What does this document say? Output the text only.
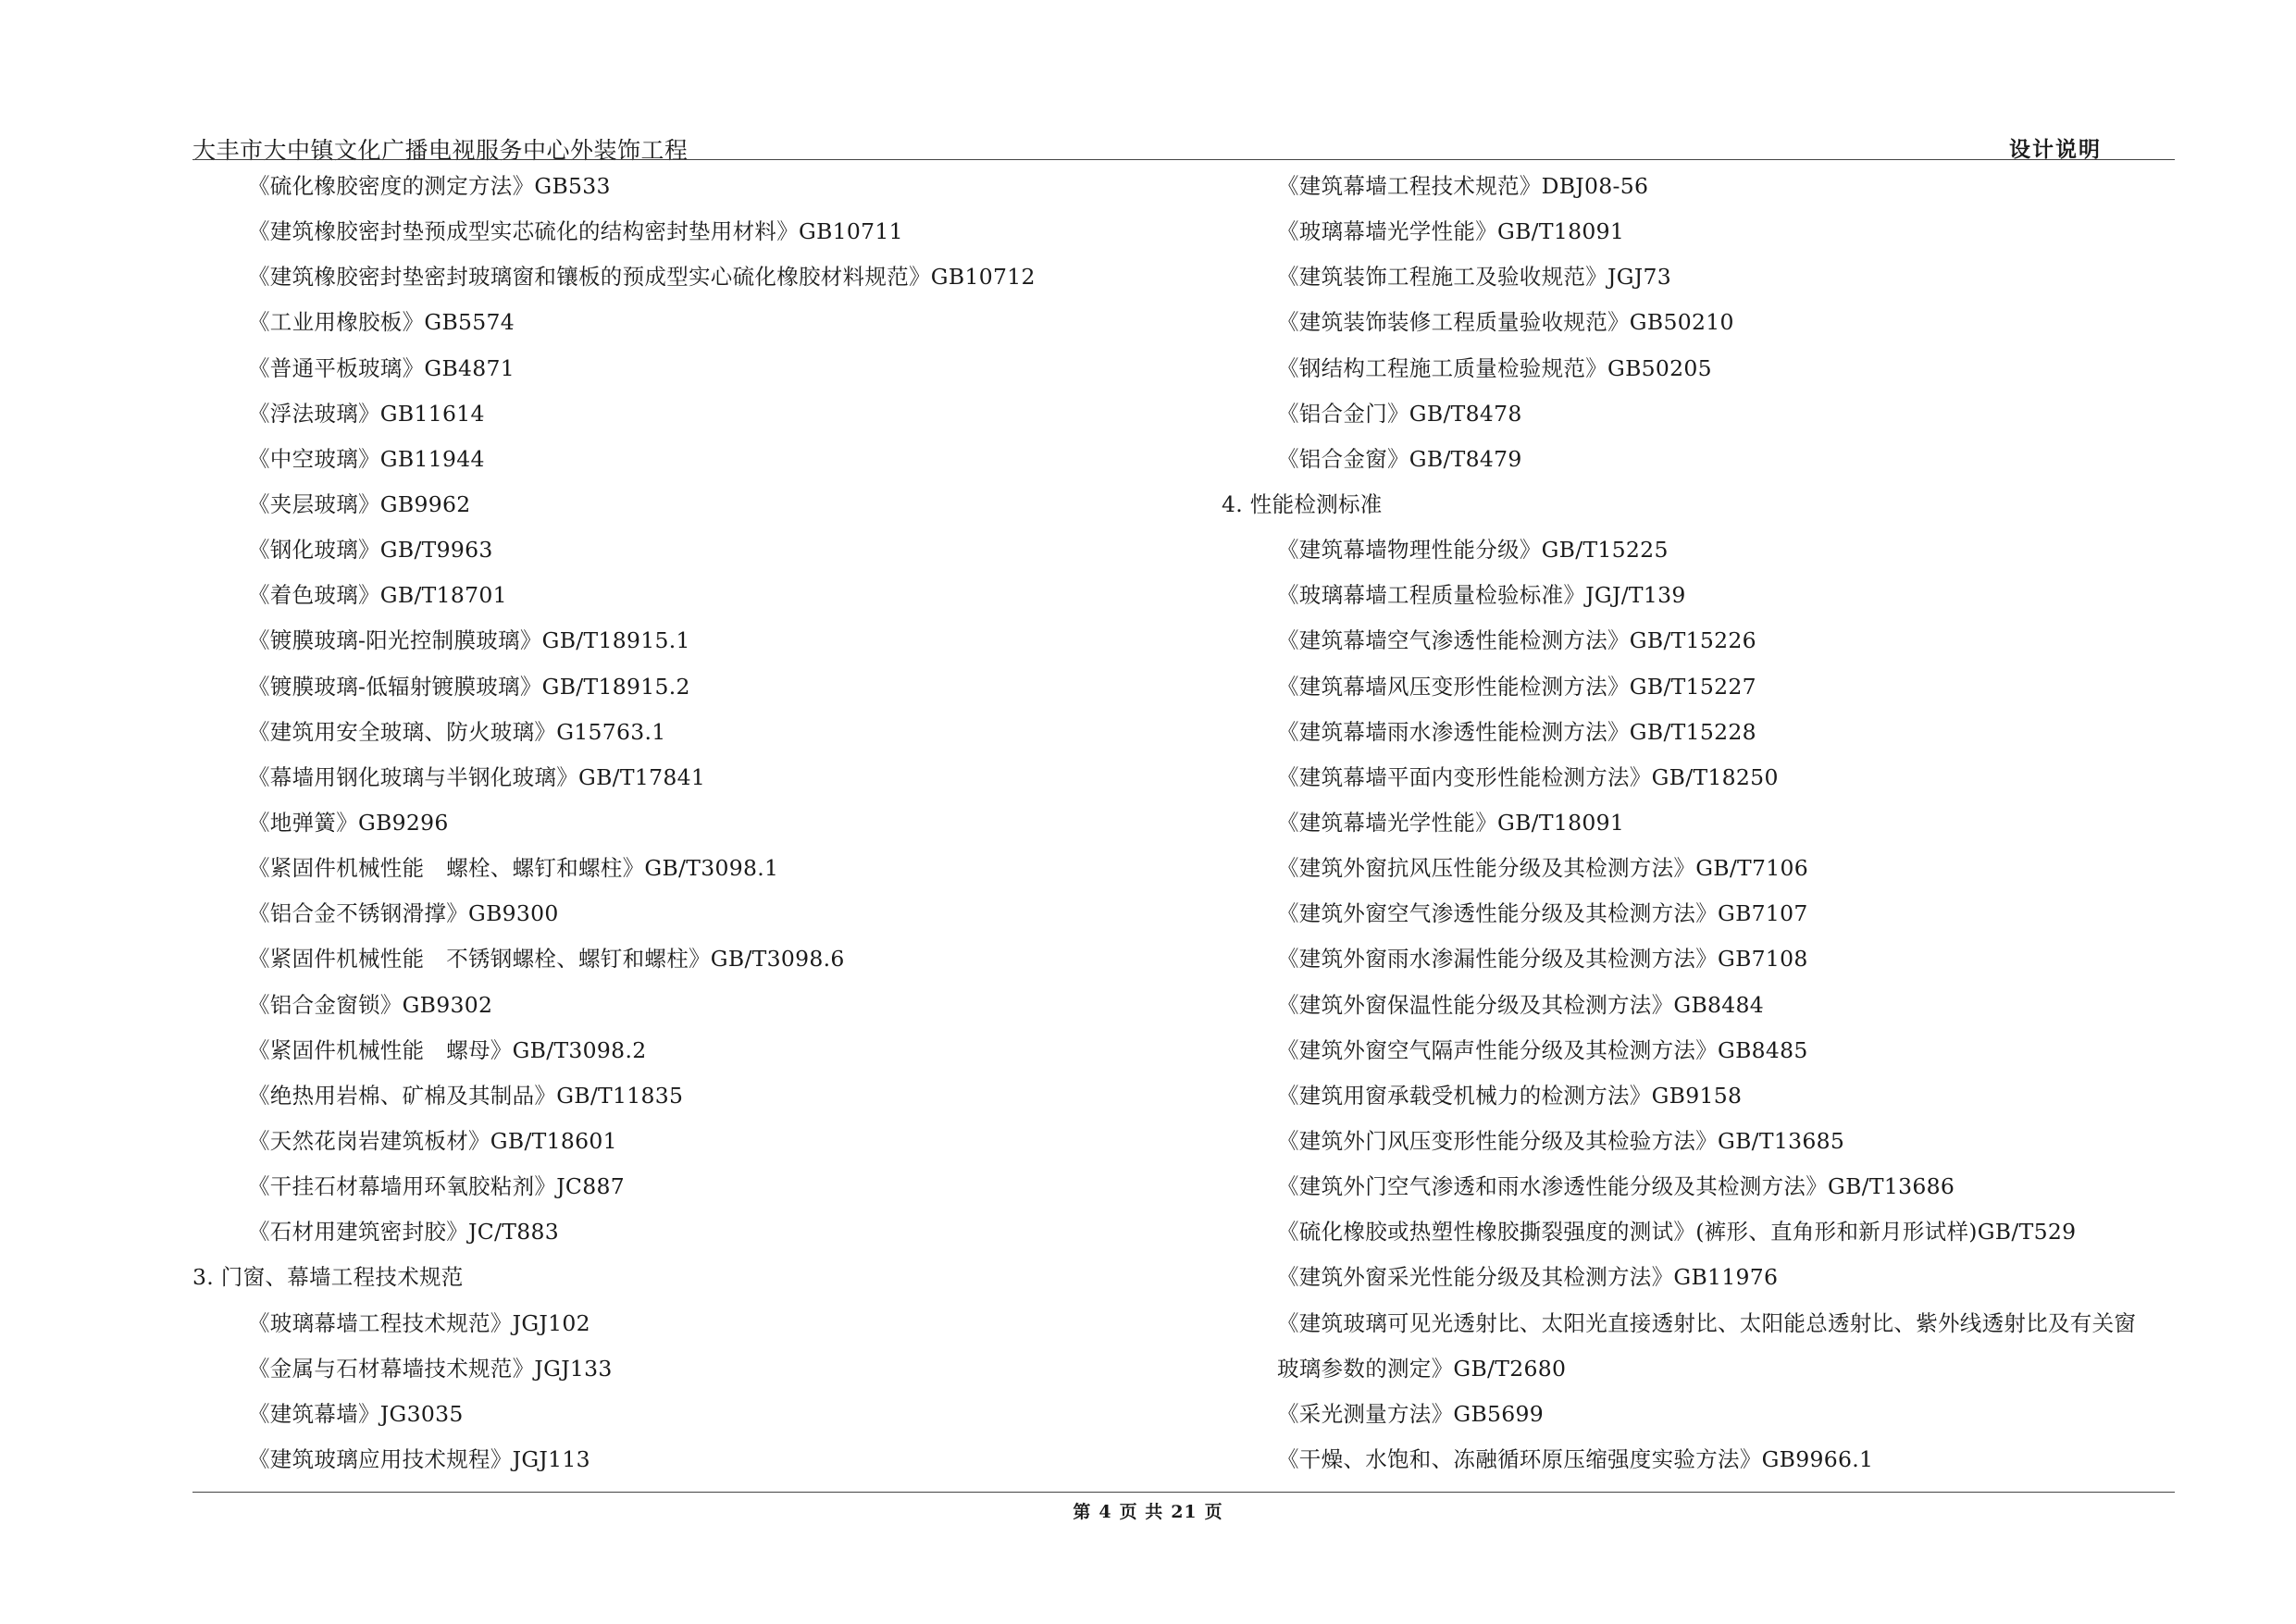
大丰市大中镇文化广播电视服务中心外装饰工程	设计说明
《硫化橡胶密度的测定方法》GB533
《建筑橡胶密封垫预成型实芯硫化的结构密封垫用材料》GB10711
《建筑橡胶密封垫密封玻璃窗和镶板的预成型实心硫化橡胶材料规范》GB10712
《工业用橡胶板》GB5574
《普通平板玻璃》GB4871
《浮法玻璃》GB11614
《中空玻璃》GB11944
《夹层玻璃》GB9962
《钢化玻璃》GB/T9963
《着色玻璃》GB/T18701
《镀膜玻璃-阳光控制膜玻璃》GB/T18915.1
《镀膜玻璃-低辐射镀膜玻璃》GB/T18915.2
《建筑用安全玻璃、防火玻璃》G15763.1
《幕墙用钢化玻璃与半钢化玻璃》GB/T17841
《地弹簧》GB9296
《紧固件机械性能　螺栓、螺钉和螺柱》GB/T3098.1
《铝合金不锈钢滑撑》GB9300
《紧固件机械性能　不锈钢螺栓、螺钉和螺柱》GB/T3098.6
《铝合金窗锁》GB9302
《紧固件机械性能　螺母》GB/T3098.2
《绝热用岩棉、矿棉及其制品》GB/T11835
《天然花岗岩建筑板材》GB/T18601
《干挂石材幕墙用环氧胶粘剂》JC887
《石材用建筑密封胶》JC/T883
3. 门窗、幕墙工程技术规范
《玻璃幕墙工程技术规范》JGJ102
《金属与石材幕墙技术规范》JGJ133
《建筑幕墙》JG3035
《建筑玻璃应用技术规程》JGJ113
《建筑幕墙工程技术规范》DBJ08-56
《玻璃幕墙光学性能》GB/T18091
《建筑装饰工程施工及验收规范》JGJ73
《建筑装饰装修工程质量验收规范》GB50210
《钢结构工程施工质量检验规范》GB50205
《铝合金门》GB/T8478
《铝合金窗》GB/T8479
4. 性能检测标准
《建筑幕墙物理性能分级》GB/T15225
《玻璃幕墙工程质量检验标准》JGJ/T139
《建筑幕墙空气渗透性能检测方法》GB/T15226
《建筑幕墙风压变形性能检测方法》GB/T15227
《建筑幕墙雨水渗透性能检测方法》GB/T15228
《建筑幕墙平面内变形性能检测方法》GB/T18250
《建筑幕墙光学性能》GB/T18091
《建筑外窗抗风压性能分级及其检测方法》GB/T7106
《建筑外窗空气渗透性能分级及其检测方法》GB7107
《建筑外窗雨水渗漏性能分级及其检测方法》GB7108
《建筑外窗保温性能分级及其检测方法》GB8484
《建筑外窗空气隔声性能分级及其检测方法》GB8485
《建筑用窗承载受机械力的检测方法》GB9158
《建筑外门风压变形性能分级及其检验方法》GB/T13685
《建筑外门空气渗透和雨水渗透性能分级及其检测方法》GB/T13686
《硫化橡胶或热塑性橡胶撕裂强度的测试》(裤形、直角形和新月形试样)GB/T529
《建筑外窗采光性能分级及其检测方法》GB11976
《建筑玻璃可见光透射比、太阳光直接透射比、太阳能总透射比、紫外线透射比及有关窗
玻璃参数的测定》GB/T2680
《采光测量方法》GB5699
《干燥、水饱和、冻融循环原压缩强度实验方法》GB9966.1
第 4 页 共 21 页
